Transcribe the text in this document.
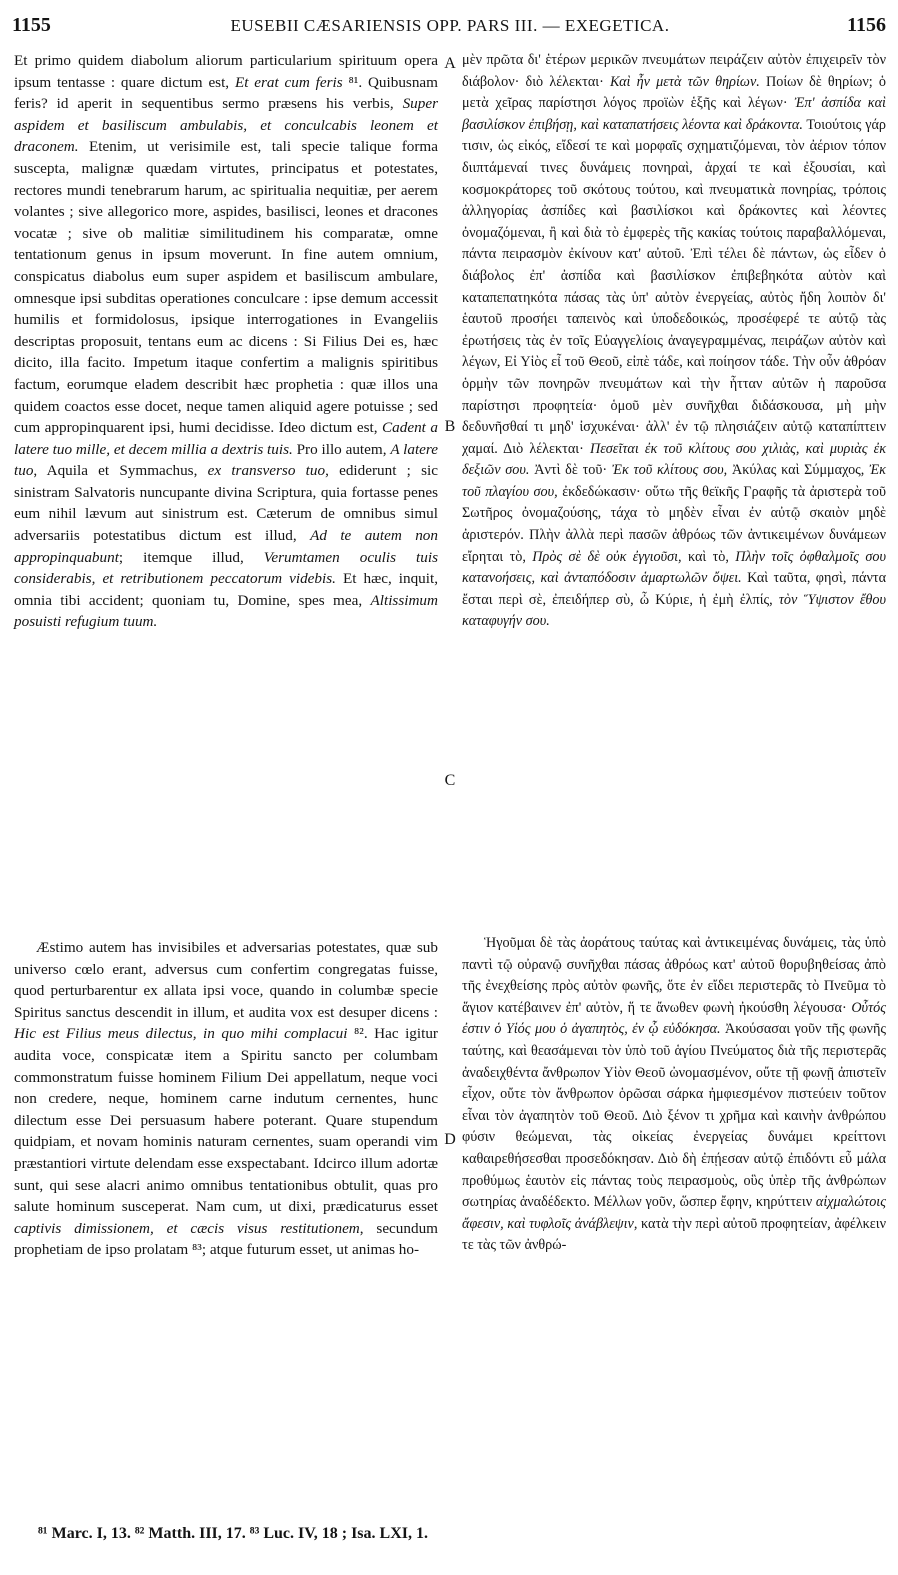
1155	EUSEBII CÆSARIENSIS OPP. PARS III. — EXEGETICA.	1156

Et primo quidem diabolum aliorum particularium spirituum opera ipsum tentasse : quare dictum est, Et erat cum feris ⁸¹. Quibusnam feris? id aperit in sequentibus sermo præsens his verbis, Super aspidem et basiliscum ambulabis, et conculcabis leonem et draconem. Etenim, ut verisimile est, tali specie talique forma suscepta, malignæ quædam virtutes, principatus et potestates, rectores mundi tenebrarum harum, ac spiritualia nequitiæ, per aerem volantes ; sive allegorico more, aspides, basilisci, leones et dracones vocatæ ; sive ob malitiæ similitudinem his comparatæ, omne tentationum genus in ipsum moverunt. In fine autem omnium, conspicatus diabolus eum super aspidem et basiliscum ambulare, omnesque ipsi subditas operationes conculcare : ipse demum accessit humilis et formidolosus, ipsique interrogationes in Evangeliis descriptas proposuit, tentans eum ac dicens : Si Filius Dei es, hæc dicito, illa facito. Impetum itaque confertim a malignis spiritibus factum, eorumque eladem describit hæc prophetia : quæ illos una quidem coactos esse docet, neque tamen aliquid agere potuisse ; sed cum appropinquarent ipsi, humi decidisse. Ideo dictum est, Cadent a latere tuo mille, et decem millia a dextris tuis. Pro illo autem, A latere tuo, Aquila et Symmachus, ex transverso tuo, ediderunt ; sic sinistram Salvatoris nuncupante divina Scriptura, quia fortasse penes eum nihil lævum aut sinistrum est. Cæterum de omnibus simul adversariis potestatibus dictum est illud, Ad te autem non appropinquabunt; itemque illud, Verumtamen oculis tuis considerabis, et retributionem peccatorum videbis. Et hæc, inquit, omnia tibi accident; quoniam tu, Domine, spes mea, Altissimum posuisti refugium tuum.

Æstimo autem has invisibiles et adversarias potestates, quæ sub universo cœlo erant, adversus cum confertim congregatas fuisse, quod perturbarentur ex allata ipsi voce, quando in columbæ specie Spiritus sanctus descendit in illum, et audita vox est desuper dicens : Hic est Filius meus dilectus, in quo mihi complacui ⁸². Hac igitur audita voce, conspicatæ item a Spiritu sancto per columbam commonstratum fuisse hominem Filium Dei appellatum, neque voci non credere, neque, hominem carne indutum cernentes, hunc dilectum esse Dei persuasum habere poterant. Quare stupendum quidpiam, et novam hominis naturam cernentes, suam operandi vim præstantiori virtute delendam esse exspectabant. Idcirco illum adortæ sunt, qui sese alacri animo omnibus tentationibus obtulit, quas pro salute hominum susceperat. Nam cum, ut dixi, prædicaturus esset captivis dimissionem, et cæcis visus restitutionem, secundum prophetiam de ipso prolatam ⁸³; atque futurum esset, ut animas ho-

A
B
C
D

μὲν πρῶτα δι' ἑτέρων μερικῶν πνευμάτων πειράζειν αὐτὸν ἐπιχειρεῖν τὸν διάβολον· διὸ λέλεκται· Καὶ ἦν μετὰ τῶν θηρίων. Ποίων δὲ θηρίων; ὁ μετὰ χεῖρας παρίστησι λόγος προϊὼν ἑξῆς καὶ λέγων· Ἐπ' ἀσπίδα καὶ βασιλίσκον ἐπιβήσῃ, καὶ καταπατήσεις λέοντα καὶ δράκοντα. Τοιούτοις γάρ τισιν, ὡς εἰκός, εἴδεσί τε καὶ μορφαῖς σχηματιζόμεναι, τὸν ἀέριον τόπον διιπτάμεναί τινες δυνάμεις πονηραὶ, ἀρχαί τε καὶ ἐξουσίαι, καὶ κοσμοκράτορες τοῦ σκότους τούτου, καὶ πνευματικὰ πονηρίας, τρόποις ἀλληγορίας ἀσπίδες καὶ βασιλίσκοι καὶ δράκοντες καὶ λέοντες ὀνομαζόμεναι, ἢ καὶ διὰ τὸ ἐμφερὲς τῆς κακίας τούτοις παραβαλλόμεναι, πάντα πειρασμὸν ἐκίνουν κατ' αὐτοῦ. Ἐπὶ τέλει δὲ πάντων, ὡς εἶδεν ὁ διάβολος ἐπ' ἀσπίδα καὶ βασιλίσκον ἐπιβεβηκότα αὐτὸν καὶ καταπεπατηκότα πάσας τὰς ὑπ' αὐτὸν ἐνεργείας, αὐτὸς ἤδη λοιπὸν δι' ἑαυτοῦ προσήει ταπεινὸς καὶ ὑποδεδοικώς, προσέφερέ τε αὐτῷ τὰς ἐρωτήσεις τὰς ἐν τοῖς Εὐαγγελίοις ἀναγεγραμμένας, πειράζων αὐτὸν καὶ λέγων, Εἰ Υἱὸς εἶ τοῦ Θεοῦ, εἰπὲ τάδε, καὶ ποίησον τάδε. Τὴν οὖν ἀθρόαν ὁρμὴν τῶν πονηρῶν πνευμάτων καὶ τὴν ἧτταν αὐτῶν ἡ παροῦσα παρίστησι προφητεία· ὁμοῦ μὲν συνῆχθαι διδάσκουσα, μὴ μὴν δεδυνῆσθαί τι μηδ' ἰσχυκέναι· ἀλλ' ἐν τῷ πλησιάζειν αὐτῷ καταπίπτειν χαμαί. Διὸ λέλεκται· Πεσεῖται ἐκ τοῦ κλίτους σου χιλιὰς, καὶ μυριὰς ἐκ δεξιῶν σου. Ἀντὶ δὲ τοῦ· Ἐκ τοῦ κλίτους σου, Ἀκύλας καὶ Σύμμαχος, Ἐκ τοῦ πλαγίου σου, ἐκδεδώκασιν· οὕτω τῆς θεϊκῆς Γραφῆς τὰ ἀριστερὰ τοῦ Σωτῆρος ὀνομαζούσης, τάχα τὸ μηδὲν εἶναι ἐν αὐτῷ σκαιὸν μηδὲ ἀριστερόν. Πλὴν ἀλλὰ περὶ πασῶν ἀθρόως τῶν ἀντικειμένων δυνάμεων εἴρηται τὸ, Πρὸς σὲ δὲ οὐκ ἐγγιοῦσι, καὶ τὸ, Πλὴν τοῖς ὀφθαλμοῖς σου κατανοήσεις, καὶ ἀνταπόδοσιν ἁμαρτωλῶν ὄψει. Καὶ ταῦτα, φησὶ, πάντα ἔσται περὶ σὲ, ἐπειδήπερ σὺ, ὦ Κύριε, ἡ ἐμὴ ἐλπίς, τὸν Ὕψιστον ἔθου καταφυγήν σου.

Ἡγοῦμαι δὲ τὰς ἀοράτους ταύτας καὶ ἀντικειμένας δυνάμεις, τὰς ὑπὸ παντὶ τῷ οὐρανῷ συνῆχθαι πάσας ἀθρόως κατ' αὐτοῦ θορυβηθείσας ἀπὸ τῆς ἐνεχθείσης πρὸς αὐτὸν φωνῆς, ὅτε ἐν εἴδει περιστερᾶς τὸ Πνεῦμα τὸ ἅγιον κατέβαινεν ἐπ' αὐτὸν, ἥ τε ἄνωθεν φωνὴ ἠκούσθη λέγουσα· Οὗτός ἐστιν ὁ Υἱός μου ὁ ἀγαπητὸς, ἐν ᾧ εὐδόκησα. Ἀκούσασαι γοῦν τῆς φωνῆς ταύτης, καὶ θεασάμεναι τὸν ὑπὸ τοῦ ἁγίου Πνεύματος διὰ τῆς περιστερᾶς ἀναδειχθέντα ἄνθρωπον Υἱὸν Θεοῦ ὠνομασμένον, οὔτε τῇ φωνῇ ἀπιστεῖν εἶχον, οὔτε τὸν ἄνθρωπον ὁρῶσαι σάρκα ἠμφιεσμένον πιστεύειν τοῦτον εἶναι τὸν ἀγαπητὸν τοῦ Θεοῦ. Διὸ ξένον τι χρῆμα καὶ καινὴν ἀνθρώπου φύσιν θεώμεναι, τὰς οἰκείας ἐνεργείας δυνάμει κρείττονι καθαιρεθήσεσθαι προσεδόκησαν. Διὸ δὴ ἐπῄεσαν αὐτῷ ἐπιδόντι εὖ μάλα προθύμως ἑαυτὸν εἰς πάντας τοὺς πειρασμοὺς, οὓς ὑπὲρ τῆς ἀνθρώπων σωτηρίας ἀναδέδεκτο. Μέλλων γοῦν, ὥσπερ ἔφην, κηρύττειν αἰχμαλώτοις ἄφεσιν, καὶ τυφλοῖς ἀνάβλεψιν, κατὰ τὴν περὶ αὐτοῦ προφητείαν, ἀφέλκειν τε τὰς τῶν ἀνθρώ-

⁸¹ Marc. I, 13. ⁸² Matth. III, 17. ⁸³ Luc. IV, 18 ; Isa. LXI, 1.
